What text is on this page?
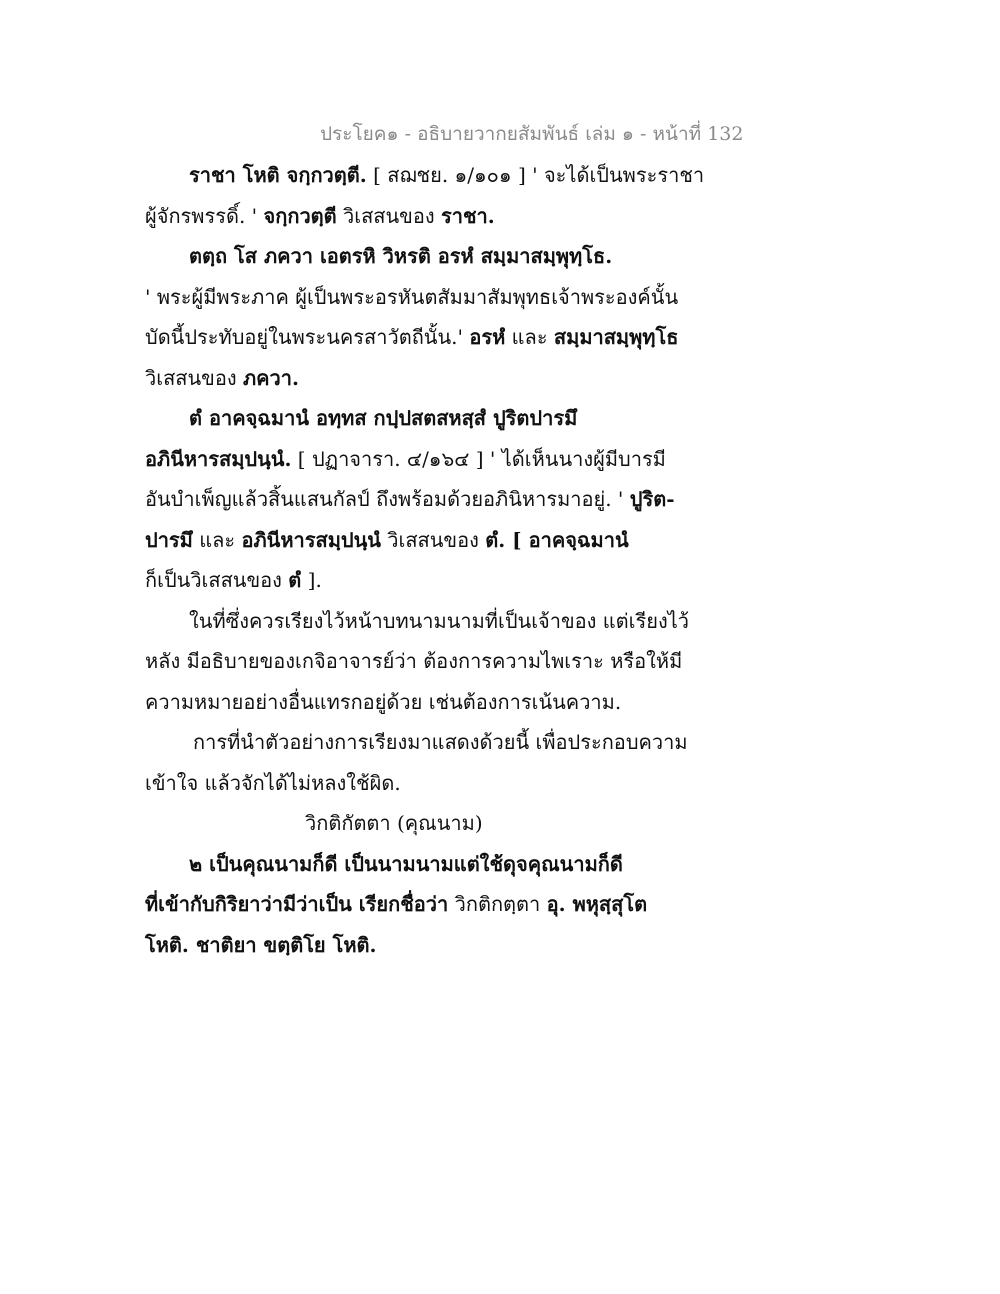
ประโยค๑ - อธิบายวากยสัมพันธ์ เล่ม ๑ - หน้าที่ 132
ราชา โหติ จกฺกวตฺตี. [ สฌชย. ๑/๑๐๑ ] ' จะได้เป็นพระราชา
ผู้จักรพรรดิ์. ' จกฺกวตฺตี วิเสสนของ ราชา.
ตตฺถ โส ภควา เอตรหิ วิหรติ อรหํ สมฺมาสมฺพุทฺโธ.
' พระผู้มีพระภาค ผู้เป็นพระอรหันตสัมมาสัมพุทธเจ้าพระองค์นั้น
บัดนี้ประทับอยู่ในพระนครสาวัตถีนั้น.' อรหํ และ สมฺมาสมฺพุทฺโธ
วิเสสนของ ภควา.
ตํ อาคจฺฉมานํ อทฺทส กปฺปสตสหสฺสํ ปูริตปารมึ
อภินีหารสมฺปนฺนํ. [ ปฏาจารา. ๔/๑๖๔ ] ' ได้เห็นนางผู้มีบารมี
อันบำเพ็ญแล้วสิ้นแสนกัลป์ ถึงพร้อมด้วยอภินิหารมาอยู่. ' ปูริต-
ปารมึ และ อภินีหารสมฺปนฺนํ วิเสสนของ ตํ. [ อาคจฺฉมานํ
ก็เป็นวิเสสนของ ตํ ].
ในที่ซึ่งควรเรียงไว้หน้าบทนามนามที่เป็นเจ้าของ แต่เรียงไว้
หลัง มีอธิบายของเกจิอาจารย์ว่า ต้องการความไพเราะ หรือให้มี
ความหมายอย่างอื่นแทรกอยู่ด้วย เช่นต้องการเน้นความ.
การที่นำตัวอย่างการเรียงมาแสดงด้วยนี้ เพื่อประกอบความ
เข้าใจ แล้วจักได้ไม่หลงใช้ผิด.
วิกติกัตตา (คุณนาม)
๒ เป็นคุณนามก็ดี เป็นนามนามแต่ใช้ดุจคุณนามก็ดี
ที่เข้ากับกิริยาว่ามีว่าเป็น เรียกชื่อว่า วิกติกตฺตา อุ. พหุสฺสุโต
โหติ. ชาติยา ขตฺติโย โหติ.
